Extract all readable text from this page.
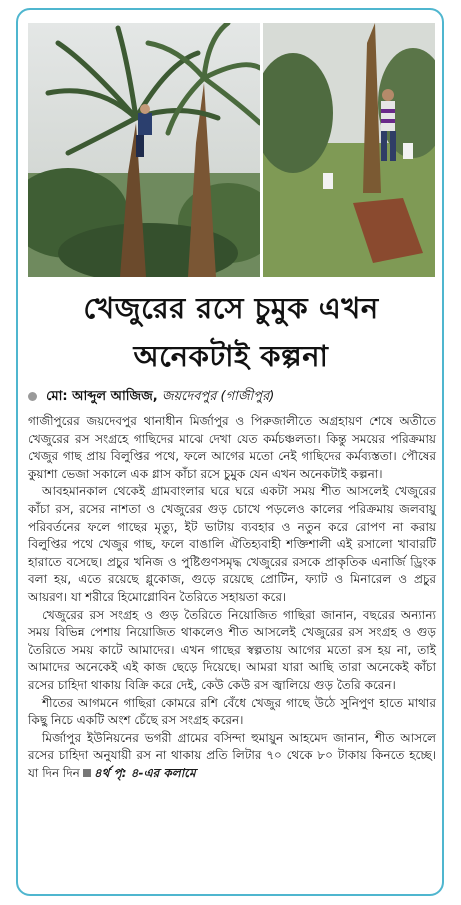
খেজুরের রসে চুমুক এখন
অনেকটাই কল্পনা
মো: আব্দুল আজিজ, জয়দেবপুর (গাজীপুর)

গাজীপুরের জয়দেবপুর থানাধীন মির্জাপুর ও পিরুজালীতে অগ্রহায়ণ শেষে অতীতে খেজুরের রস সংগ্রহে গাছিদের মাঝে দেখা যেত কর্মচঞ্চলতা। কিন্তু সময়ের পরিক্রমায় খেজুর গাছ প্রায় বিলুপ্তির পথে, ফলে আগের মতো নেই গাছিদের কর্মব্যস্ততা। পৌষের কুয়াশা ভেজা সকালে এক গ্লাস কাঁচা রসে চুমুক যেন এখন অনেকটাই কল্পনা।

আবহমানকাল থেকেই গ্রামবাংলার ঘরে ঘরে একটা সময় শীত আসলেই খেজুরের কাঁচা রস, রসের নাশতা ও খেজুরের গুড় চোখে পড়লেও কালের পরিক্রমায় জলবায়ু পরিবর্তনের ফলে গাছের মৃত্যু, ইট ভাটায় ব্যবহার ও নতুন করে রোপণ না করায় বিলুপ্তির পথে খেজুর গাছ, ফলে বাঙালি ঐতিহ্যবাহী শক্তিশালী এই রসালো খাবারটি হারাতে বসেছে। প্রচুর খনিজ ও পুষ্টিগুণসমৃদ্ধ খেজুরের রসকে প্রাকৃতিক এনার্জি ড্রিংক বলা হয়, এতে রয়েছে গ্লুকোজ, গুড়ে রয়েছে প্রোটিন, ফ্যাট ও মিনারেল ও প্রচুর আয়রণ। যা শরীরে হিমোগ্লোবিন তৈরিতে সহায়তা করে।

খেজুরের রস সংগ্রহ ও গুড় তৈরিতে নিয়োজিত গাছিরা জানান, বছরের অন্যান্য সময় বিভিন্ন পেশায় নিয়োজিত থাকলেও শীত আসলেই খেজুরের রস সংগ্রহ ও গুড় তৈরিতে সময় কাটে আমাদের। এখন গাছের স্বল্পতায় আগের মতো রস হয় না, তাই আমাদের অনেকেই এই কাজ ছেড়ে দিয়েছে। আমরা যারা আছি তারা অনেকেই কাঁচা রসের চাহিদা থাকায় বিক্রি করে দেই, কেউ কেউ রস জ্বালিয়ে গুড় তৈরি করেন।

শীতের আগমনে গাছিরা কোমরে রশি বেঁধে খেজুর গাছে উঠে সুনিপুণ হাতে মাথার কিছু নিচে একটি অংশ চেঁছে রস সংগ্রহ করেন।

মির্জাপুর ইউনিয়নের ভগরী গ্রামের বসিন্দা হুমায়ুন আহমেদ জানান, শীত আসলে রসের চাহিদা অনুযায়ী রস না থাকায় প্রতি লিটার ৭০ থেকে ৮০ টাকায় কিনতে হচ্ছে। যা দিন দিন ৪র্থ পৃ: ৪-এর কলামে
